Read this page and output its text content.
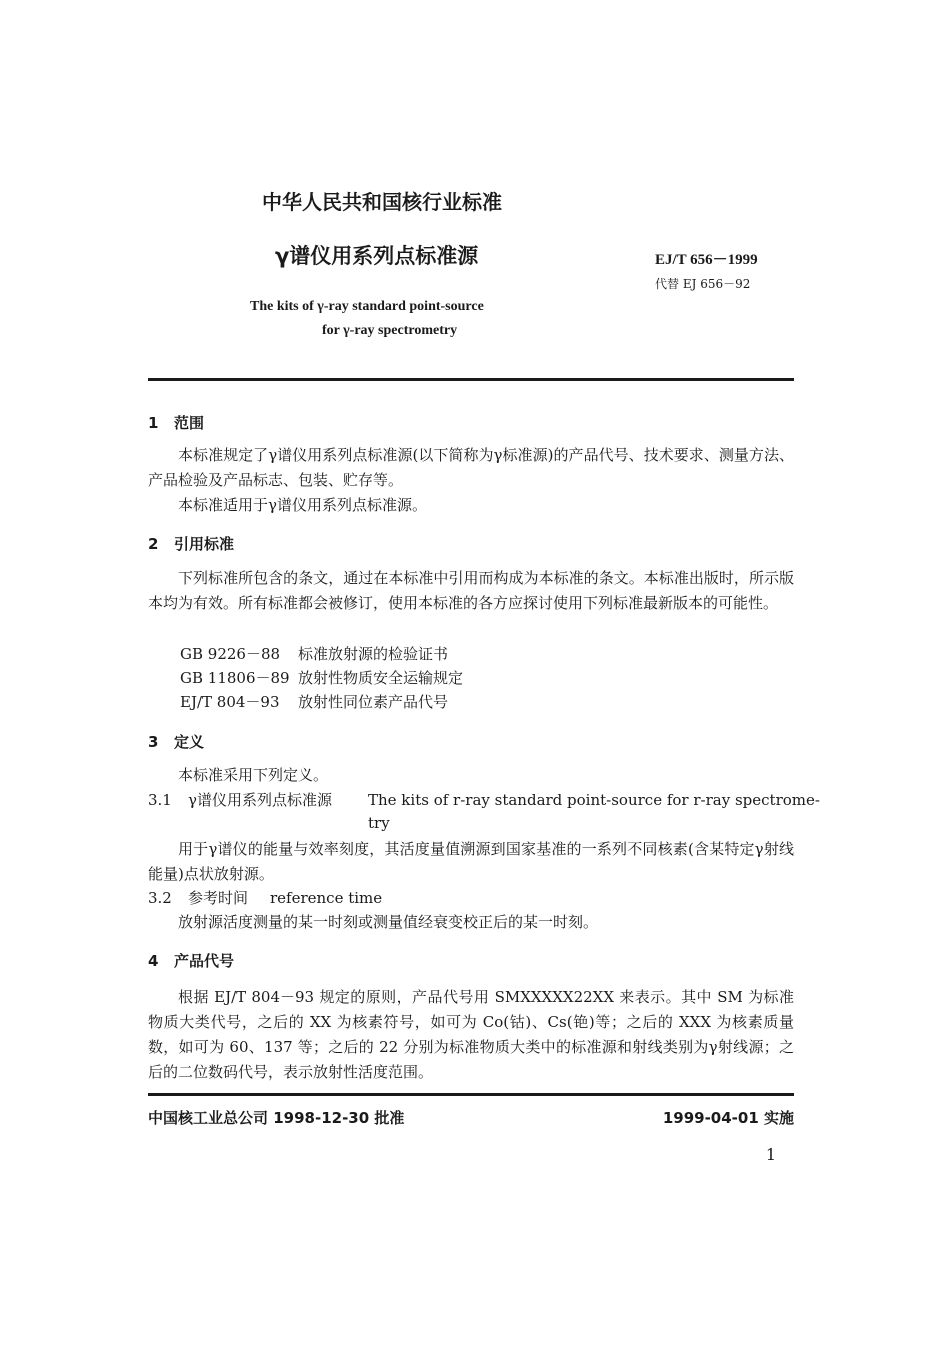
中华人民共和国核行业标准
γ谱仪用系列点标准源	EJ/T 656－1999
代替 EJ 656－92
The kits of γ-ray standard point-source
for γ-ray spectrometry
1 范围
本标准规定了γ谱仪用系列点标准源(以下简称为γ标准源)的产品代号、技术要求、测量方法、产品检验及产品标志、包装、贮存等。
本标准适用于γ谱仪用系列点标准源。
2 引用标准
下列标准所包含的条文，通过在本标准中引用而构成为本标准的条文。本标准出版时，所示版本均为有效。所有标准都会被修订，使用本标准的各方应探讨使用下列标准最新版本的可能性。
GB 9226－88 标准放射源的检验证书
GB 11806－89 放射性物质安全运输规定
EJ/T 804－93 放射性同位素产品代号
3 定义
本标准采用下列定义。
3.1 γ谱仪用系列点标准源 The kits of r-ray standard point-source for r-ray spectrome-
try
用于γ谱仪的能量与效率刻度，其活度量值溯源到国家基准的一系列不同核素(含某特定γ射线能量)点状放射源。
3.2 参考时间 reference time
放射源活度测量的某一时刻或测量值经衰变校正后的某一时刻。
4 产品代号
根据 EJ/T 804－93 规定的原则，产品代号用 SMXXXXX22XX 来表示。其中 SM 为标准物质大类代号，之后的 XX 为核素符号，如可为 Co(钴)、Cs(铯)等；之后的 XXX 为核素质量数，如可为 60、137 等；之后的 22 分别为标准物质大类中的标准源和射线类别为γ射线源；之后的二位数码代号，表示放射性活度范围。
中国核工业总公司 1998-12-30 批准	1999-04-01 实施
1
